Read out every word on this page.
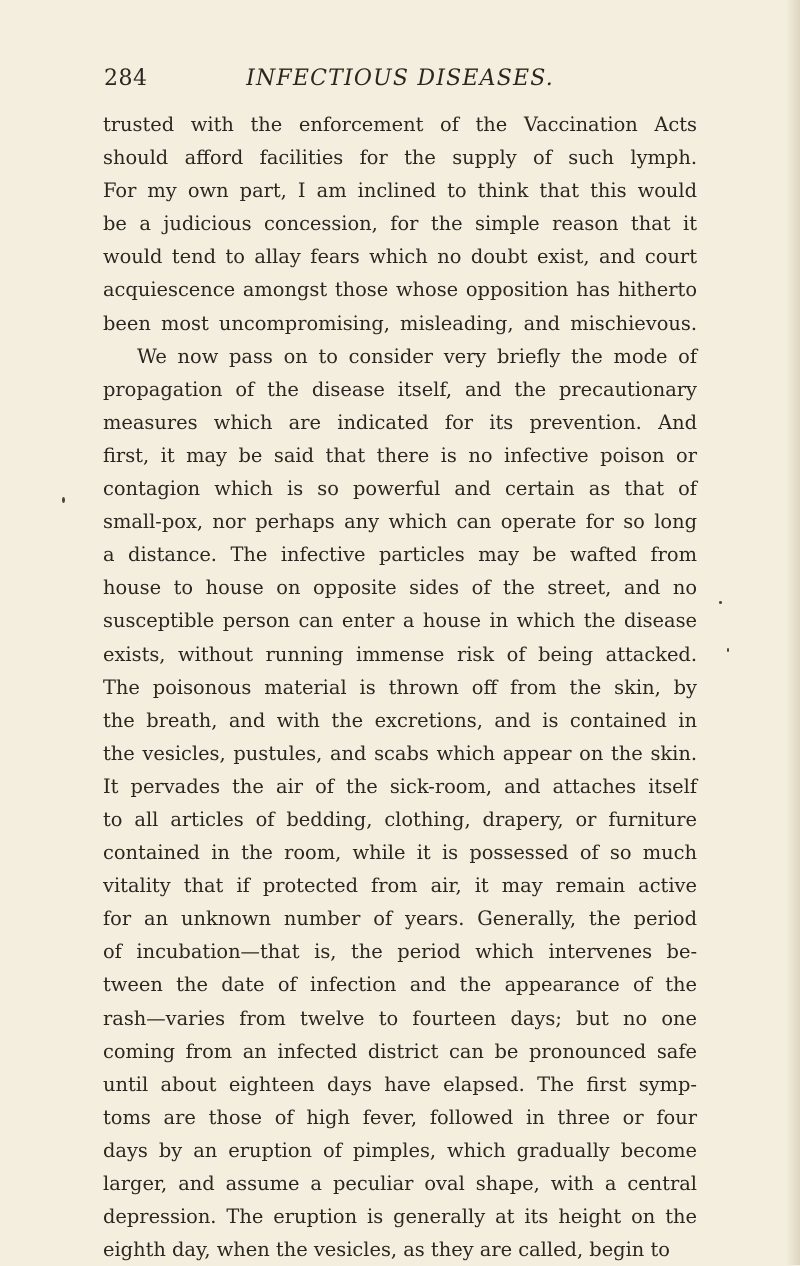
284	INFECTIOUS DISEASES.
trusted with the enforcement of the Vaccination Acts
should afford facilities for the supply of such lymph.
For my own part, I am inclined to think that this would
be a judicious concession, for the simple reason that it
would tend to allay fears which no doubt exist, and court
acquiescence amongst those whose opposition has hitherto
been most uncompromising, misleading, and mischievous.
We now pass on to consider very briefly the mode of
propagation of the disease itself, and the precautionary
measures which are indicated for its prevention. And
first, it may be said that there is no infective poison or
contagion which is so powerful and certain as that of
small-pox, nor perhaps any which can operate for so long
a distance. The infective particles may be wafted from
house to house on opposite sides of the street, and no
susceptible person can enter a house in which the disease
exists, without running immense risk of being attacked.
The poisonous material is thrown off from the skin, by
the breath, and with the excretions, and is contained in
the vesicles, pustules, and scabs which appear on the skin.
It pervades the air of the sick-room, and attaches itself
to all articles of bedding, clothing, drapery, or furniture
contained in the room, while it is possessed of so much
vitality that if protected from air, it may remain active
for an unknown number of years. Generally, the period
of incubation—that is, the period which intervenes be-
tween the date of infection and the appearance of the
rash—varies from twelve to fourteen days; but no one
coming from an infected district can be pronounced safe
until about eighteen days have elapsed. The first symp-
toms are those of high fever, followed in three or four
days by an eruption of pimples, which gradually become
larger, and assume a peculiar oval shape, with a central
depression. The eruption is generally at its height on the
eighth day, when the vesicles, as they are called, begin to
